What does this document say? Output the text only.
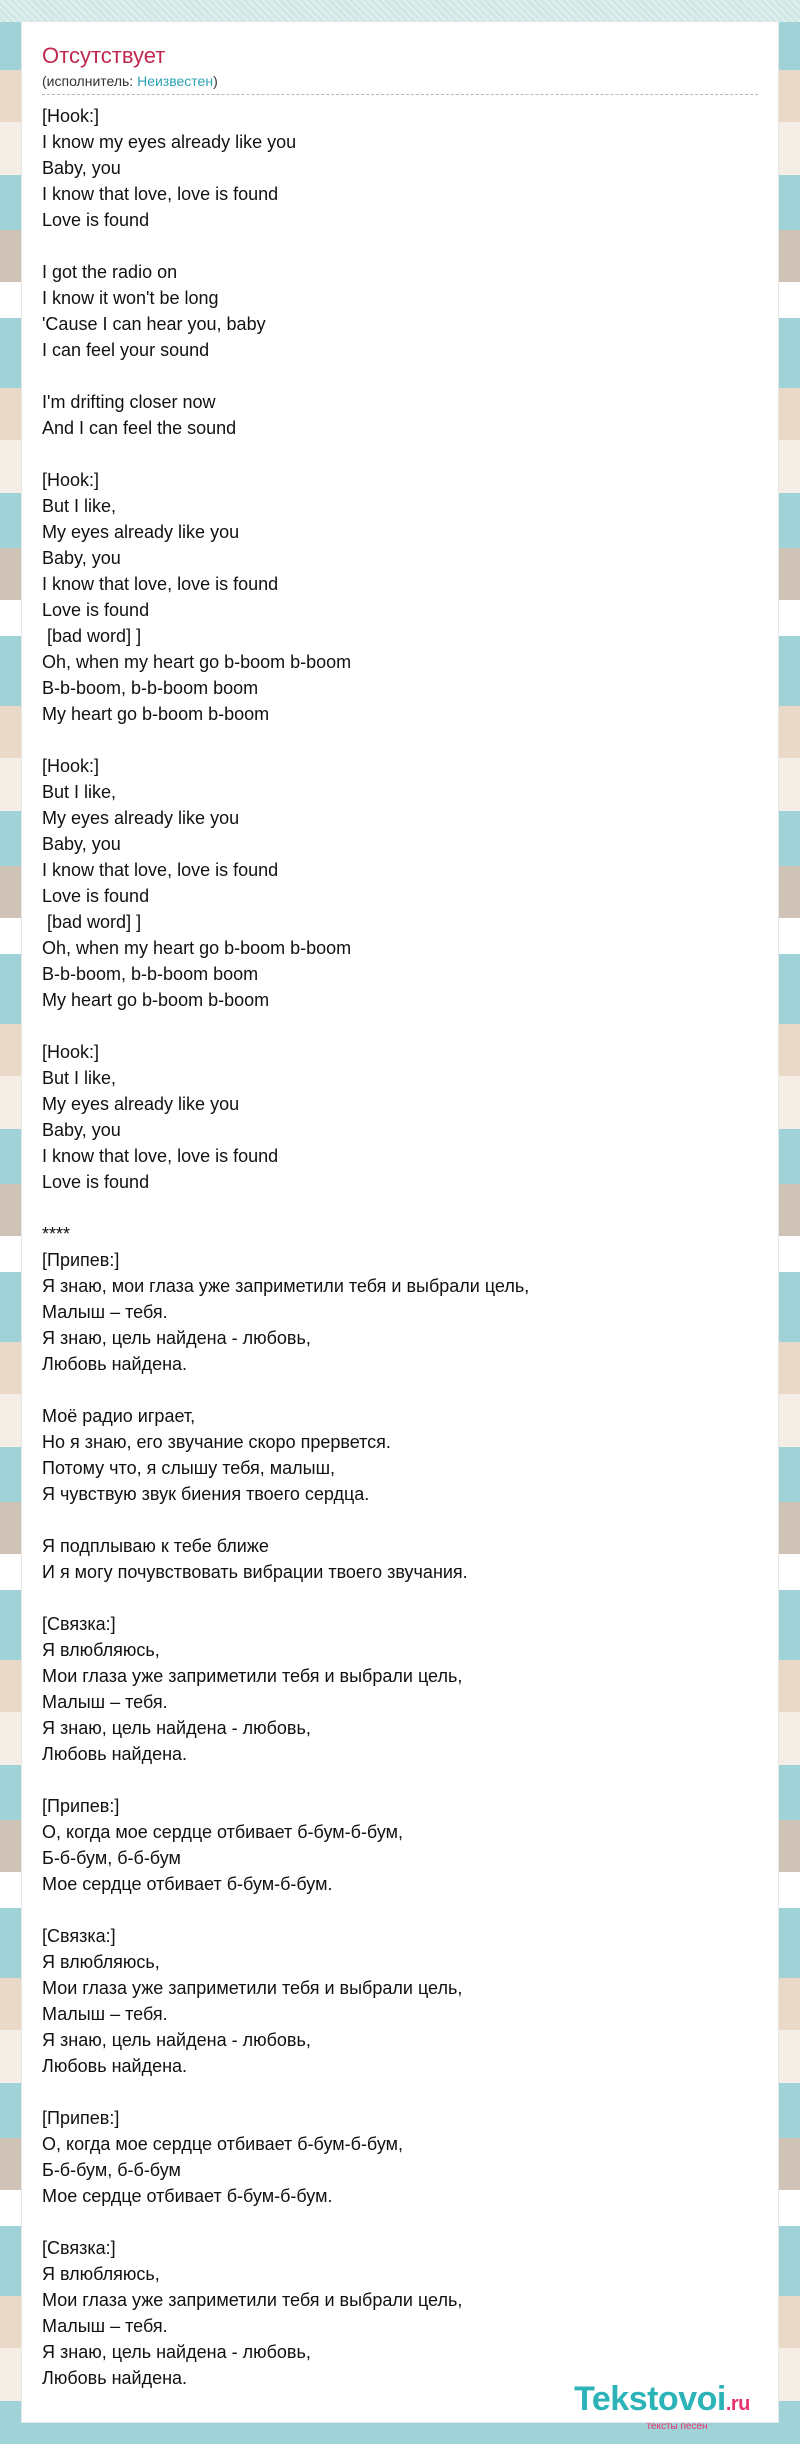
Отсутствует
(исполнитель: Неизвестен)
[Hook:]
I know my eyes already like you
Baby, you
I know that love, love is found
Love is found

I got the radio on
I know it won't be long
'Cause I can hear you, baby
I can feel your sound

I'm drifting closer now
And I can feel the sound

[Hook:]
But I like,
My eyes already like you
Baby, you
I know that love, love is found
Love is found
[bad word] ]
Oh, when my heart go b-boom b-boom
B-b-boom, b-b-boom boom
My heart go b-boom b-boom

[Hook:]
But I like,
My eyes already like you
Baby, you
I know that love, love is found
Love is found
[bad word] ]
Oh, when my heart go b-boom b-boom
B-b-boom, b-b-boom boom
My heart go b-boom b-boom

[Hook:]
But I like,
My eyes already like you
Baby, you
I know that love, love is found
Love is found

****
[Припев:]
Я знаю, мои глаза уже заприметили тебя и выбрали цель,
Малыш – тебя.
Я знаю, цель найдена - любовь,
Любовь найдена.

Моё радио играет,
Но я знаю, его звучание скоро прервется.
Потому что, я слышу тебя, малыш,
Я чувствую звук биения твоего сердца.

Я подплываю к тебе ближе
И я могу почувствовать вибрации твоего звучания.

[Связка:]
Я влюбляюсь,
Мои глаза уже заприметили тебя и выбрали цель,
Малыш – тебя.
Я знаю, цель найдена - любовь,
Любовь найдена.

[Припев:]
О, когда мое сердце отбивает б-бум-б-бум,
Б-б-бум, б-б-бум
Мое сердце отбивает б-бум-б-бум.

[Связка:]
Я влюбляюсь,
Мои глаза уже заприметили тебя и выбрали цель,
Малыш – тебя.
Я знаю, цель найдена - любовь,
Любовь найдена.

[Припев:]
О, когда мое сердце отбивает б-бум-б-бум,
Б-б-бум, б-б-бум
Мое сердце отбивает б-бум-б-бум.

[Связка:]
Я влюбляюсь,
Мои глаза уже заприметили тебя и выбрали цель,
Малыш – тебя.
Я знаю, цель найдена - любовь,
Любовь найдена.
Tekstovoi.ru
тексты песен
